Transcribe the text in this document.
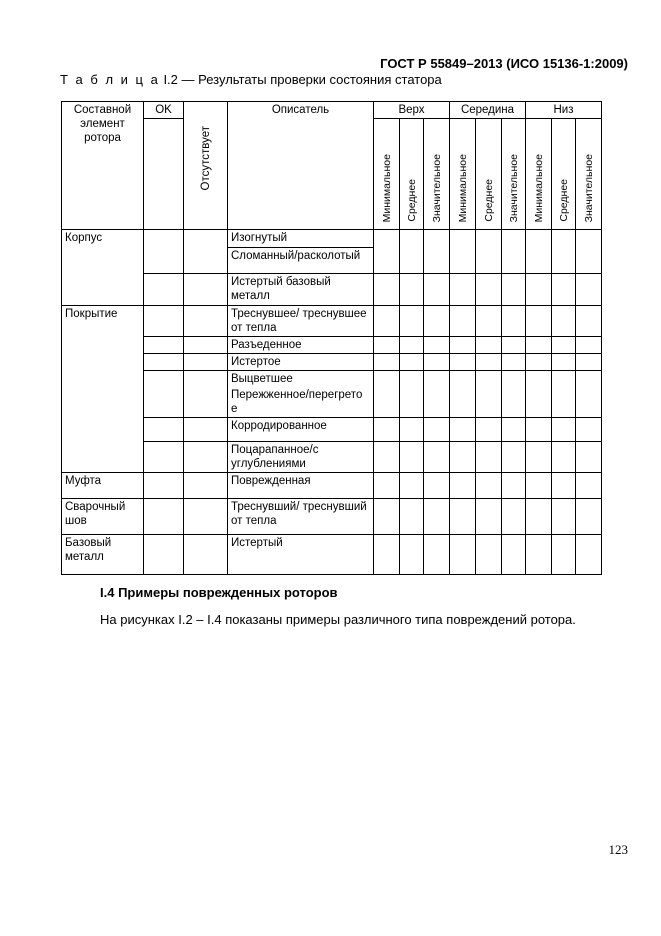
ГОСТ Р 55849–2013 (ИСО 15136-1:2009)
Т а б л и ц а I.2 — Результаты проверки состояния статора
Составной элемент ротора	OK	Отсутствует	Описатель	Верх			Середина			Низ		

				Минимальное	Среднее	Значительное	Минимальное	Среднее	Значительное	Минимальное	Среднее	Значительное

Корпус			Изогнутый									
			Сломанный/расколотый									
			Истертый базовый металл									
Покрытие			Треснувшее/ треснувшее от тепла									
			Разъеденное									
			Истертое									
			Выцветшее									
			Пережженное/перегрето е									
			Корродированное									
			Поцарапанное/с углублениями									
Муфта			Поврежденная									
Сварочный шов			Треснувший/ треснувший от тепла									
Базовый металл			Истертый									
I.4 Примеры поврежденных роторов
На рисунках I.2 – I.4 показаны примеры различного типа повреждений ротора.
123
